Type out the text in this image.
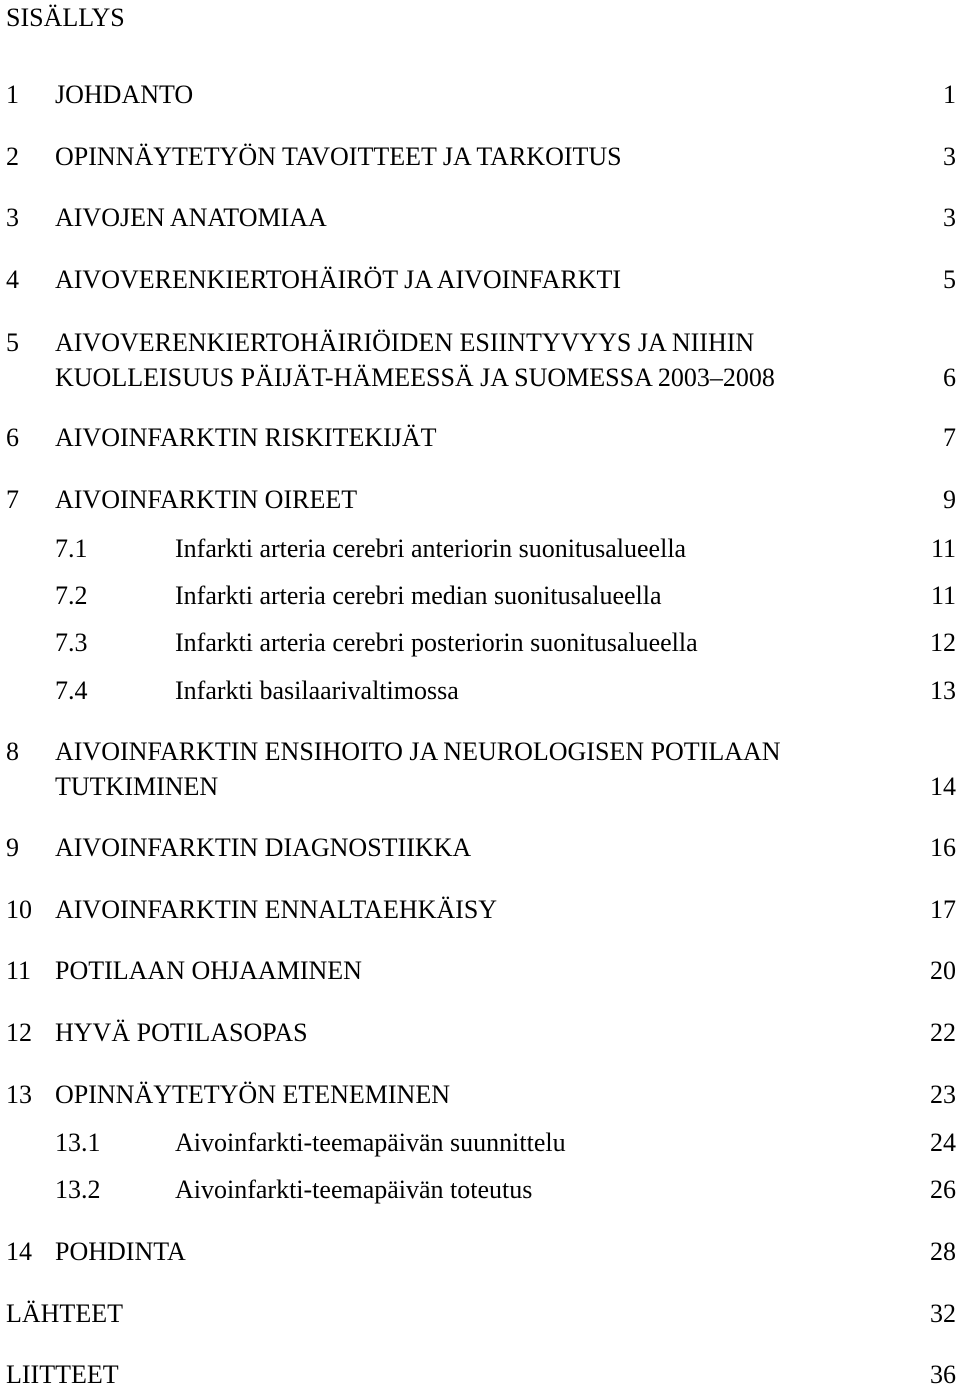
SISÄLLYS
1 JOHDANTO	1
2 OPINNÄYTETYÖN TAVOITTEET JA TARKOITUS	3
3 AIVOJEN ANATOMIAA	3
4 AIVOVERENKIERTOHÄIRÖT JA AIVOINFARKTI	5
5 AIVOVERENKIERTOHÄIRIÖIDEN ESIINTYVYYS JA NIIHIN
KUOLLEISUUS PÄIJÄT-HÄMEESSÄ JA SUOMESSA 2003–2008	6
6 AIVOINFARKTIN RISKITEKIJÄT	7
7 AIVOINFARKTIN OIREET	9
7.1	Infarkti arteria cerebri anteriorin suonitusalueella	11
7.2	Infarkti arteria cerebri median suonitusalueella	11
7.3	Infarkti arteria cerebri posteriorin suonitusalueella	12
7.4	Infarkti basilaarivaltimossa	13
8 AIVOINFARKTIN ENSIHOITO JA NEUROLOGISEN POTILAAN
TUTKIMINEN	14
9 AIVOINFARKTIN DIAGNOSTIIKKA	16
10 AIVOINFARKTIN ENNALTAEHKÄISY	17
11 POTILAAN OHJAAMINEN	20
12 HYVÄ POTILASOPAS	22
13 OPINNÄYTETYÖN ETENEMINEN	23
13.1	Aivoinfarkti-teemapäivän suunnittelu	24
13.2	Aivoinfarkti-teemapäivän toteutus	26
14 POHDINTA	28
LÄHTEET	32
LIITTEET	36
